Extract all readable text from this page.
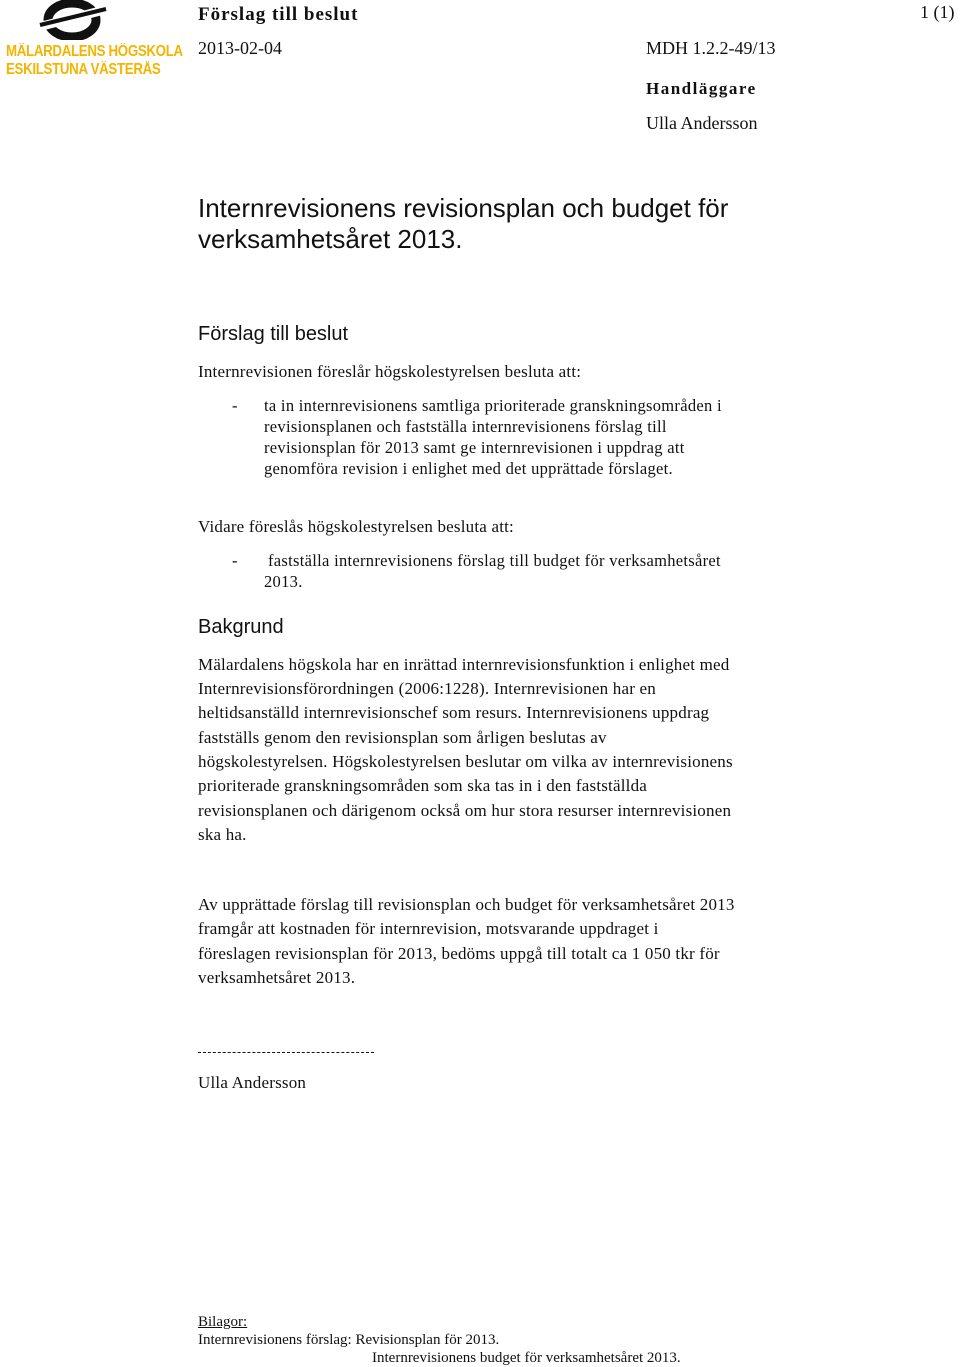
MÄLARDALENS HÖGSKOLA
ESKILSTUNA VÄSTERÅS
Förslag till beslut	1 (1)
2013-02-04	MDH 1.2.2-49/13
Handläggare
Ulla Andersson
Internrevisionens revisionsplan och budget för verksamhetsåret 2013.
Förslag till beslut
Internrevisionen föreslår högskolestyrelsen besluta att:
- ta in internrevisionens samtliga prioriterade granskningsområden i
revisionsplanen och fastställa internrevisionens förslag till
revisionsplan för 2013 samt ge internrevisionen i uppdrag att
genomföra revision i enlighet med det upprättade förslaget.
Vidare föreslås högskolestyrelsen besluta att:
- fastställa internrevisionens förslag till budget för verksamhetsåret
2013.
Bakgrund
Mälardalens högskola har en inrättad internrevisionsfunktion i enlighet med
Internrevisionsförordningen (2006:1228). Internrevisionen har en
heltidsanställd internrevisionschef som resurs. Internrevisionens uppdrag
fastställs genom den revisionsplan som årligen beslutas av
högskolestyrelsen. Högskolestyrelsen beslutar om vilka av internrevisionens
prioriterade granskningsområden som ska tas in i den fastställda
revisionsplanen och därigenom också om hur stora resurser internrevisionen
ska ha.
Av upprättade förslag till revisionsplan och budget för verksamhetsåret 2013
framgår att kostnaden för internrevision, motsvarande uppdraget i
föreslagen revisionsplan för 2013, bedöms uppgå till totalt ca 1 050 tkr för
verksamhetsåret 2013.
Ulla Andersson
Bilagor:
Internrevisionens förslag: Revisionsplan för 2013.
Internrevisionens budget för verksamhetsåret 2013.
